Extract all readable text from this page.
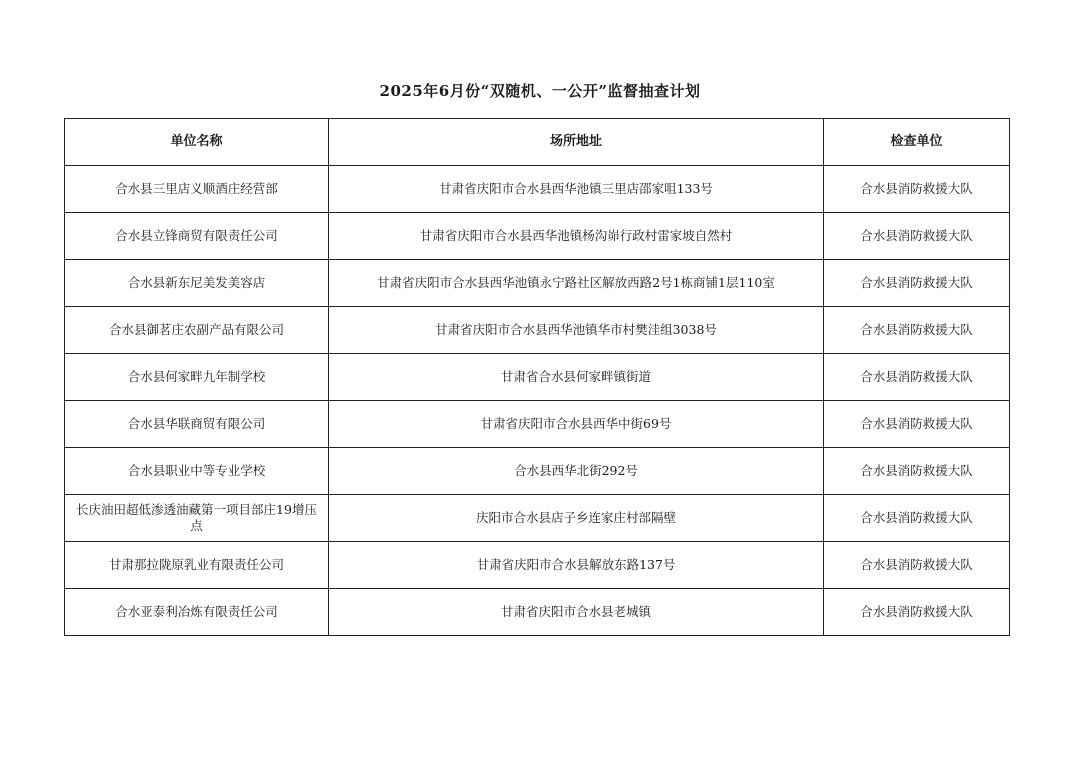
2025年6月份“双随机、一公开”监督抽查计划
单位名称	场所地址	检查单位
合水县三里店义顺酒庄经营部	甘肃省庆阳市合水县西华池镇三里店邵家咀133号	合水县消防救援大队
合水县立锋商贸有限责任公司	甘肃省庆阳市合水县西华池镇杨沟峁行政村雷家坡自然村	合水县消防救援大队
合水县新东尼美发美容店	甘肃省庆阳市合水县西华池镇永宁路社区解放西路2号1栋商铺1层110室	合水县消防救援大队
合水县御茗庄农副产品有限公司	甘肃省庆阳市合水县西华池镇华市村樊洼组3038号	合水县消防救援大队
合水县何家畔九年制学校	甘肃省合水县何家畔镇街道	合水县消防救援大队
合水县华联商贸有限公司	甘肃省庆阳市合水县西华中街69号	合水县消防救援大队
合水县职业中等专业学校	合水县西华北街292号	合水县消防救援大队
长庆油田超低渗透油藏第一项目部庄19增压点	庆阳市合水县店子乡连家庄村部隔壁	合水县消防救援大队
甘肃那拉陇原乳业有限责任公司	甘肃省庆阳市合水县解放东路137号	合水县消防救援大队
合水亚泰利冶炼有限责任公司	甘肃省庆阳市合水县老城镇	合水县消防救援大队
